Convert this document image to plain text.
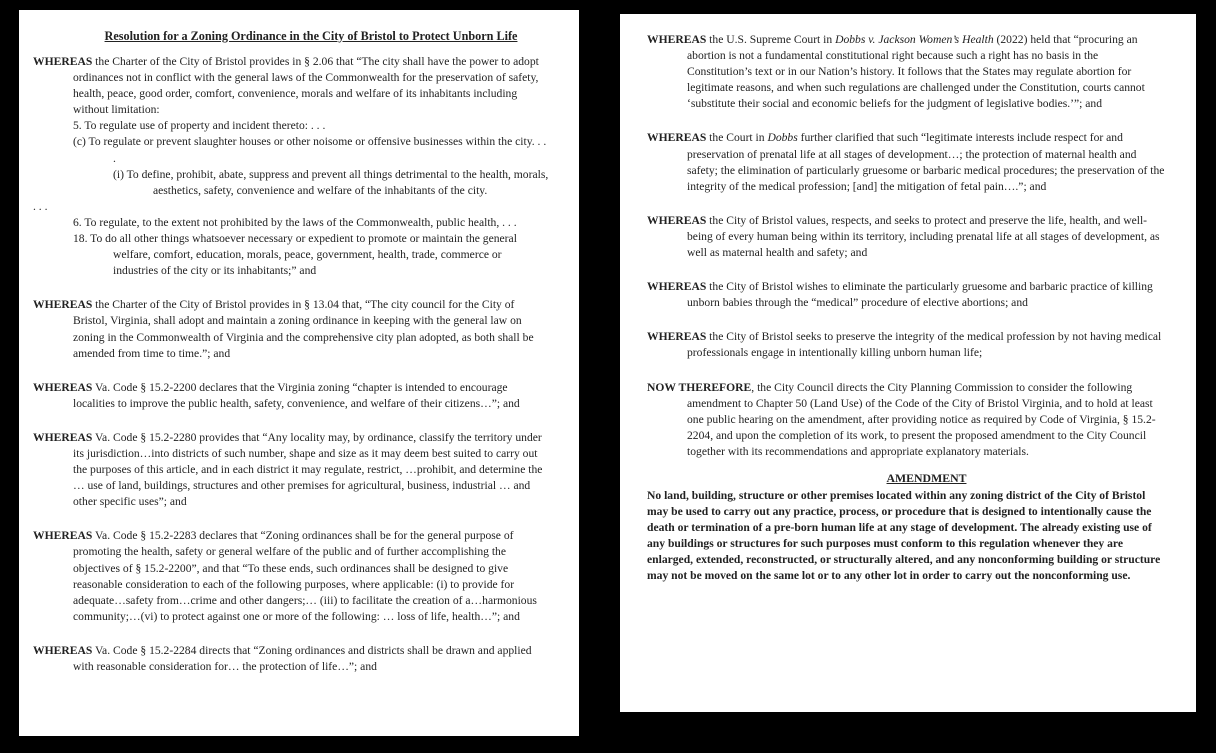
Resolution for a Zoning Ordinance in the City of Bristol to Protect Unborn Life
WHEREAS the Charter of the City of Bristol provides in § 2.06 that “The city shall have the power to adopt ordinances not in conflict with the general laws of the Commonwealth for the preservation of safety, health, peace, good order, comfort, convenience, morals and welfare of its inhabitants including without limitation:
5. To regulate use of property and incident thereto: . . .
(c) To regulate or prevent slaughter houses or other noisome or offensive businesses within the city. . . .
(i) To define, prohibit, abate, suppress and prevent all things detrimental to the health, morals, aesthetics, safety, convenience and welfare of the inhabitants of the city.
. . .
6. To regulate, to the extent not prohibited by the laws of the Commonwealth, public health, . . .
18. To do all other things whatsoever necessary or expedient to promote or maintain the general welfare, comfort, education, morals, peace, government, health, trade, commerce or industries of the city or its inhabitants;” and
WHEREAS the Charter of the City of Bristol provides in § 13.04 that, “The city council for the City of Bristol, Virginia, shall adopt and maintain a zoning ordinance in keeping with the general law on zoning in the Commonwealth of Virginia and the comprehensive city plan adopted, as both shall be amended from time to time.”; and
WHEREAS Va. Code § 15.2-2200 declares that the Virginia zoning “chapter is intended to encourage localities to improve the public health, safety, convenience, and welfare of their citizens…”; and
WHEREAS Va. Code § 15.2-2280 provides that “Any locality may, by ordinance, classify the territory under its jurisdiction…into districts of such number, shape and size as it may deem best suited to carry out the purposes of this article, and in each district it may regulate, restrict, …prohibit, and determine the … use of land, buildings, structures and other premises for agricultural, business, industrial … and other specific uses”; and
WHEREAS Va. Code § 15.2-2283 declares that “Zoning ordinances shall be for the general purpose of promoting the health, safety or general welfare of the public and of further accomplishing the objectives of § 15.2-2200”, and that “To these ends, such ordinances shall be designed to give reasonable consideration to each of the following purposes, where applicable: (i) to provide for adequate…safety from…crime and other dangers;… (iii) to facilitate the creation of a…harmonious community;…(vi) to protect against one or more of the following: … loss of life, health…”; and
WHEREAS Va. Code § 15.2-2284 directs that “Zoning ordinances and districts shall be drawn and applied with reasonable consideration for… the protection of life…”; and
WHEREAS the U.S. Supreme Court in Dobbs v. Jackson Women’s Health (2022) held that “procuring an abortion is not a fundamental constitutional right because such a right has no basis in the Constitution’s text or in our Nation’s history. It follows that the States may regulate abortion for legitimate reasons, and when such regulations are challenged under the Constitution, courts cannot ‘substitute their social and economic beliefs for the judgment of legislative bodies.’”; and
WHEREAS the Court in Dobbs further clarified that such “legitimate interests include respect for and preservation of prenatal life at all stages of development…; the protection of maternal health and safety; the elimination of particularly gruesome or barbaric medical procedures; the preservation of the integrity of the medical profession; [and] the mitigation of fetal pain….”; and
WHEREAS the City of Bristol values, respects, and seeks to protect and preserve the life, health, and well-being of every human being within its territory, including prenatal life at all stages of development, as well as maternal health and safety; and
WHEREAS the City of Bristol wishes to eliminate the particularly gruesome and barbaric practice of killing unborn babies through the “medical” procedure of elective abortions; and
WHEREAS the City of Bristol seeks to preserve the integrity of the medical profession by not having medical professionals engage in intentionally killing unborn human life;
NOW THEREFORE, the City Council directs the City Planning Commission to consider the following amendment to Chapter 50 (Land Use) of the Code of the City of Bristol Virginia, and to hold at least one public hearing on the amendment, after providing notice as required by Code of Virginia, § 15.2-2204, and upon the completion of its work, to present the proposed amendment to the City Council together with its recommendations and appropriate explanatory materials.
AMENDMENT
No land, building, structure or other premises located within any zoning district of the City of Bristol may be used to carry out any practice, process, or procedure that is designed to intentionally cause the death or termination of a pre-born human life at any stage of development. The already existing use of any buildings or structures for such purposes must conform to this regulation whenever they are enlarged, extended, reconstructed, or structurally altered, and any nonconforming building or structure may not be moved on the same lot or to any other lot in order to carry out the nonconforming use.
